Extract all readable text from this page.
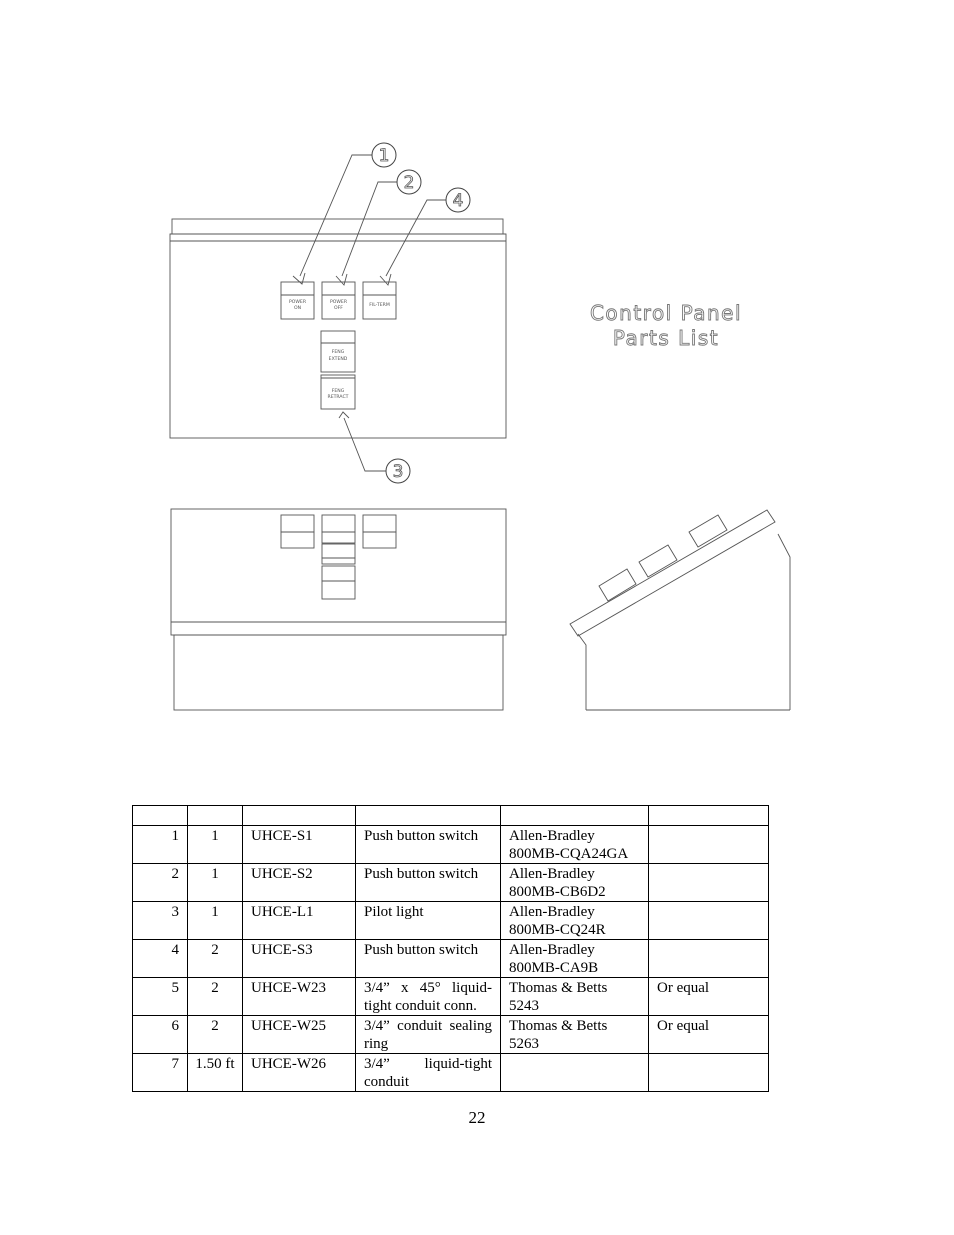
POWER
ON
POWER
OFF
FIL-TERM
FENG
EXTEND
FENG
RETRACT
1
2
4
3
Control Panel
Parts List

1	1	UHCE-S1	Push button switch	Allen-Bradley 800MB-CQA24GA	
2	1	UHCE-S2	Push button switch	Allen-Bradley 800MB-CB6D2	
3	1	UHCE-L1	Pilot light	Allen-Bradley 800MB-CQ24R	
4	2	UHCE-S3	Push button switch	Allen-Bradley 800MB-CA9B	
5	2	UHCE-W23	3/4” x 45° liquid-tight conduit conn.	Thomas & Betts 5243	Or equal
6	2	UHCE-W25	3/4” conduit sealing ring	Thomas & Betts 5263	Or equal
7	1.50 ft	UHCE-W26	3/4” liquid-tight conduit		
22
